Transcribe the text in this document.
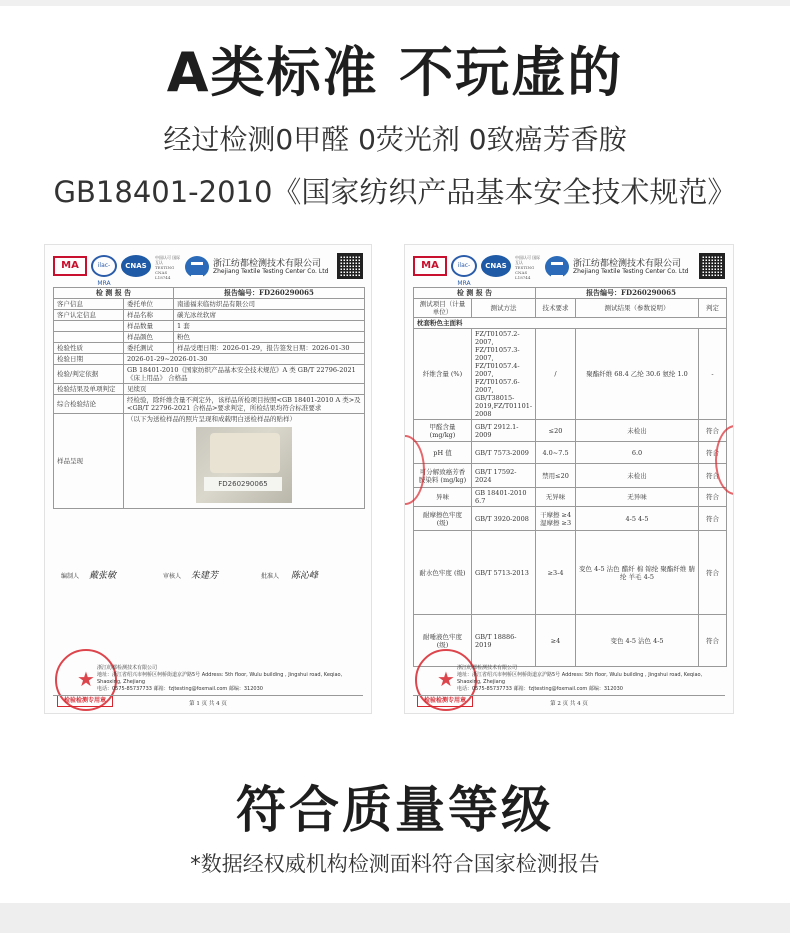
A类标准 不玩虚的
经过检测0甲醛 0荧光剂 0致癌芳香胺
GB18401-2010《国家纺织产品基本安全技术规范》
MA	ilac-MRA
CNAS
中国认可 国际互认 TESTING CNAS L18744
浙江纺都检测技术有限公司
Zhejiang Textile Testing Center Co. Ltd
检 测 报 告		报告编号：FD260290065
客户信息	委托单位	南通福来临纺织品有限公司
客户认定信息	样品名称	碳光冰丝软席
	样品数量	1 套
	样品颜色	粉色
检验性质	委托测试	样品受理日期：2026-01-29，报告签发日期：2026-01-30
检验日期	2026-01-29~2026-01-30	
检验/判定依据	GB 18401-2010《国家纺织产品基本安全技术规范》A 类 GB/T 22796-2021《床上用品》 合格品	
检验结果及单项判定	见续页	
综合检验结论	经检验，除纤维含量不判定外，该样品所检项目按照<GB 18401-2010 A 类>及<GB/T 22796-2021 合格品>要求判定，所检结果均符合标准要求	
样品呈现	（以下为送检样品的照片呈现和成载明白送检样品的贴样）
FD260290065	
编制人 戴张敏	审核人 朱建芳	批准人 陈沁峰
★
检验检测专用章
浙江纺都检测技术有限公司
地址：浙江省绍兴市柯桥区柯桥街道京沪路5号 Address: 5th floor, Wulu building , Jingshui road, Keqiao, Shaoxing, Zhejiang
电话：0575-85737733 邮箱：fzjtesting@foxmail.com 邮编：312030
第 1 页 共 4 页
MA	ilac-MRA
CNAS
中国认可 国际互认 TESTING CNAS L18744
浙江纺都检测技术有限公司
Zhejiang Textile Testing Center Co. Ltd
检 测 报 告		报告编号：FD260290065		
测试项目（计量单位）	测试方法	技术要求	测试结果（参数说明）	判定
枕套粉色主面料				
纤维含量 (%)	FZ/T01057.2-2007, FZ/T01057.3-2007, FZ/T01057.4-2007, FZ/T01057.6-2007, GB/T38015-2019,FZ/T01101-2008	/	聚酯纤维 68.4 乙纶 30.6 氨纶 1.0	-
甲醛含量 (mg/kg)	GB/T 2912.1-2009	≤20	未检出	符合
pH 值	GB/T 7573-2009	4.0~7.5	6.0	符合
可分解致癌芳香胺染料 (mg/kg)	GB/T 17592-2024	禁用≤20	未检出	符合
异味	GB 18401-2010 6.7	无异味	无异味	符合
耐摩擦色牢度 (级)	GB/T 3920-2008	干摩擦 ≥4 湿摩擦 ≥3	4-5 4-5	符合
耐水色牢度 (级)	GB/T 5713-2013	≥3-4	变色 4-5 沾色 醋纤 棉 锦纶 聚酯纤维 腈纶 羊毛 4-5	符合
耐唾液色牢度 (级)	GB/T 18886-2019	≥4	变色 4-5 沾色 4-5	符合
★
检验检测专用章
浙江纺都检测技术有限公司
地址：浙江省绍兴市柯桥区柯桥街道京沪路5号 Address: 5th floor, Wulu building , Jingshui road, Keqiao, Shaoxing, Zhejiang
电话：0575-85737733 邮箱：fzjtesting@foxmail.com 邮编：312030
第 2 页 共 4 页
符合质量等级
*数据经权威机构检测面料符合国家检测报告
